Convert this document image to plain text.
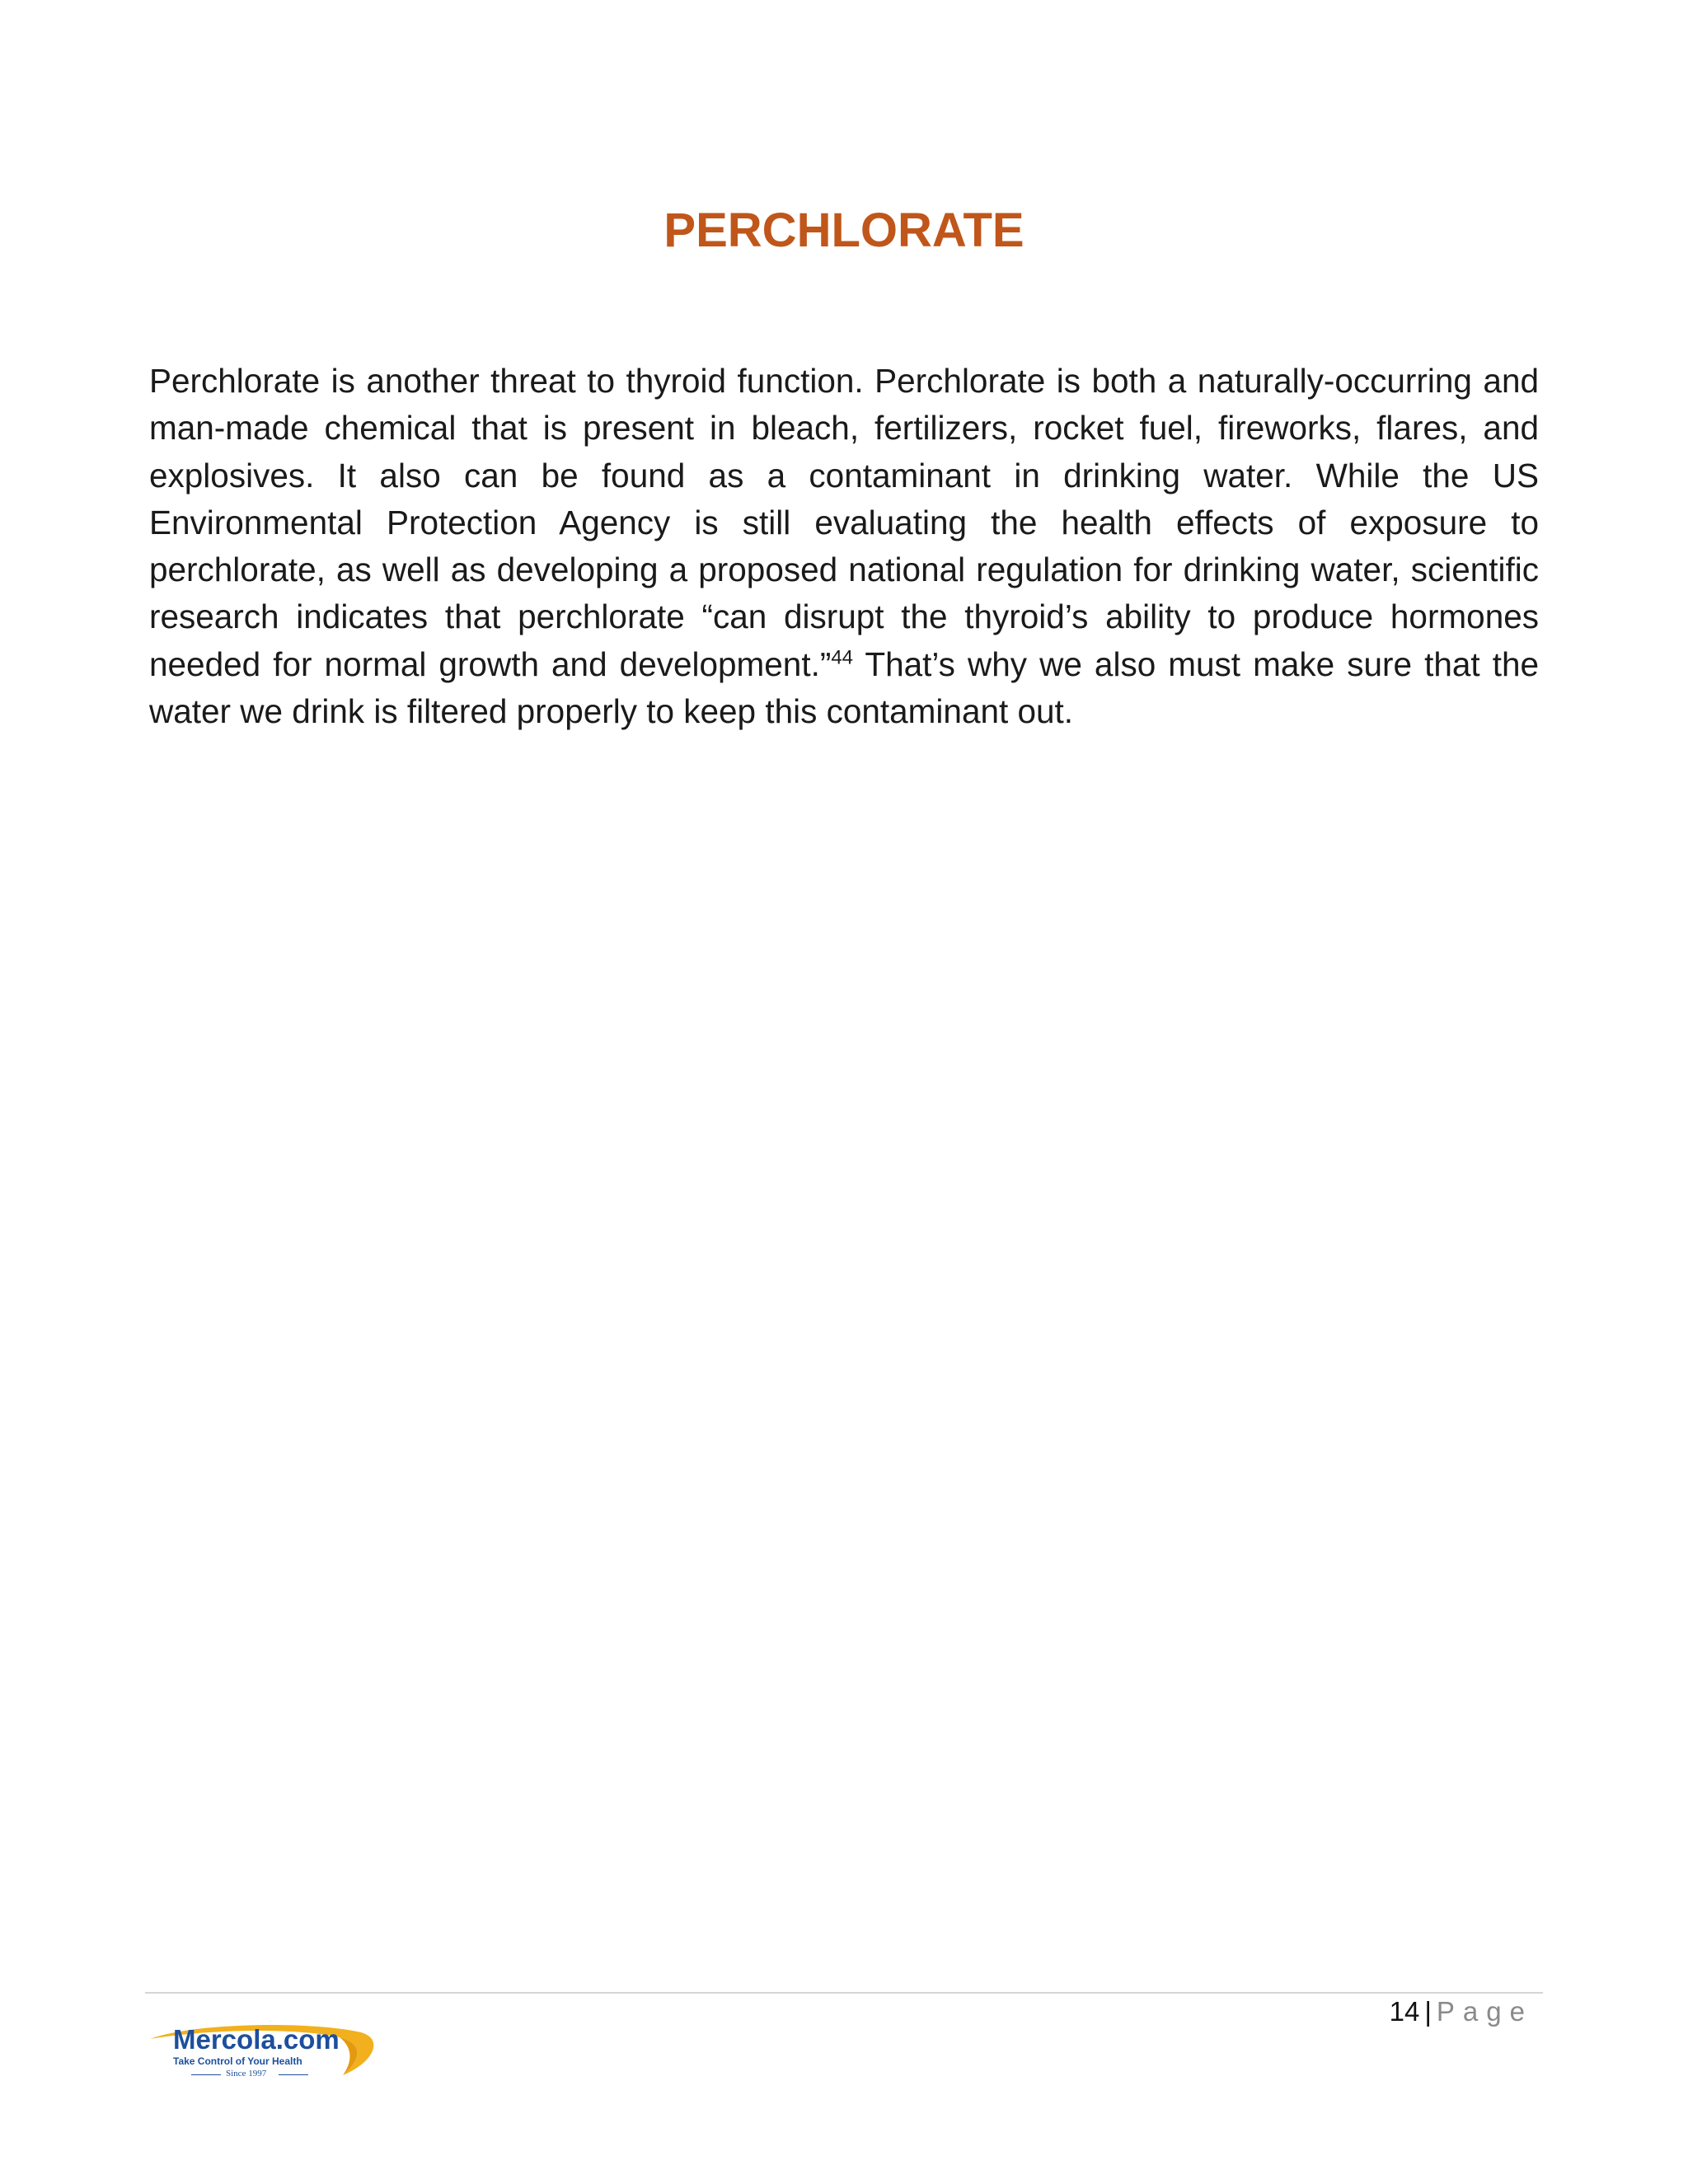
PERCHLORATE

Perchlorate is another threat to thyroid function. Perchlorate is both a naturally-occurring and man-made chemical that is present in bleach, fertilizers, rocket fuel, fireworks, flares, and explosives. It also can be found as a contaminant in drinking water. While the US Environmental Protection Agency is still evaluating the health effects of exposure to perchlorate, as well as developing a proposed national regulation for drinking water, scientific research indicates that perchlorate “can disrupt the thyroid’s ability to produce hormones needed for normal growth and development.”$^{44}$ That’s why we also must make sure that the water we drink is filtered properly to keep this contaminant out.

14 | Page
Mercola.com
Take Control of Your Health
Since 1997
